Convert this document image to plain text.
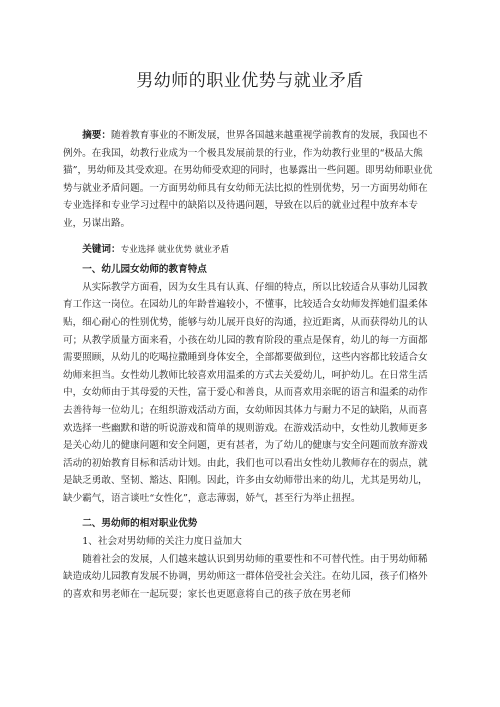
男幼师的职业优势与就业矛盾

摘要：随着教育事业的不断发展，世界各国越来越重视学前教育的发展，我国也不例外。在我国，幼教行业成为一个极具发展前景的行业，作为幼教行业里的“极品大熊猫”，男幼师及其受欢迎。在男幼师受欢迎的同时，也暴露出一些问题。即男幼师职业优势与就业矛盾问题。一方面男幼师具有女幼师无法比拟的性别优势，另一方面男幼师在专业选择和专业学习过程中的缺陷以及待遇问题，导致在以后的就业过程中放弃本专业，另谋出路。

关键词：专业选择 就业优势 就业矛盾

一、幼儿园女幼师的教育特点

从实际教学方面看，因为女生具有认真、仔细的特点，所以比较适合从事幼儿园教育工作这一岗位。在园幼儿的年龄普遍较小，不懂事，比较适合女幼师发挥她们温柔体贴，细心耐心的性别优势，能够与幼儿展开良好的沟通，拉近距离，从而获得幼儿的认可；从教学质量方面来看，小孩在幼儿园的教育阶段的重点是保育，幼儿的每一方面都需要照顾，从幼儿的吃喝拉撒睡到身体安全，全部都要做到位，这些内容都比较适合女幼师来担当。女性幼儿教师比较喜欢用温柔的方式去关爱幼儿，呵护幼儿。在日常生活中，女幼师由于其母爱的天性，富于爱心和善良，从而喜欢用亲昵的语言和温柔的动作去善待每一位幼儿；在组织游戏活动方面，女幼师因其体力与耐力不足的缺陷，从而喜欢选择一些幽默和谐的听说游戏和简单的规则游戏。在游戏活动中，女性幼儿教师更多是关心幼儿的健康问题和安全问题，更有甚者，为了幼儿的健康与安全问题而放弃游戏活动的初始教育目标和活动计划。由此，我们也可以看出女性幼儿教师存在的弱点，就是缺乏勇敢、坚韧、豁达、阳刚。因此，许多由女幼师带出来的幼儿，尤其是男幼儿，缺少霸气，语言谈吐“女性化”，意志薄弱，娇气，甚至行为举止扭捏。

二、男幼师的相对职业优势

1、社会对男幼师的关注力度日益加大

随着社会的发展，人们越来越认识到男幼师的重要性和不可替代性。由于男幼师稀缺造成幼儿园教育发展不协调，男幼师这一群体倍受社会关注。在幼儿园，孩子们格外的喜欢和男老师在一起玩耍；家长也更愿意将自己的孩子放在男老师
